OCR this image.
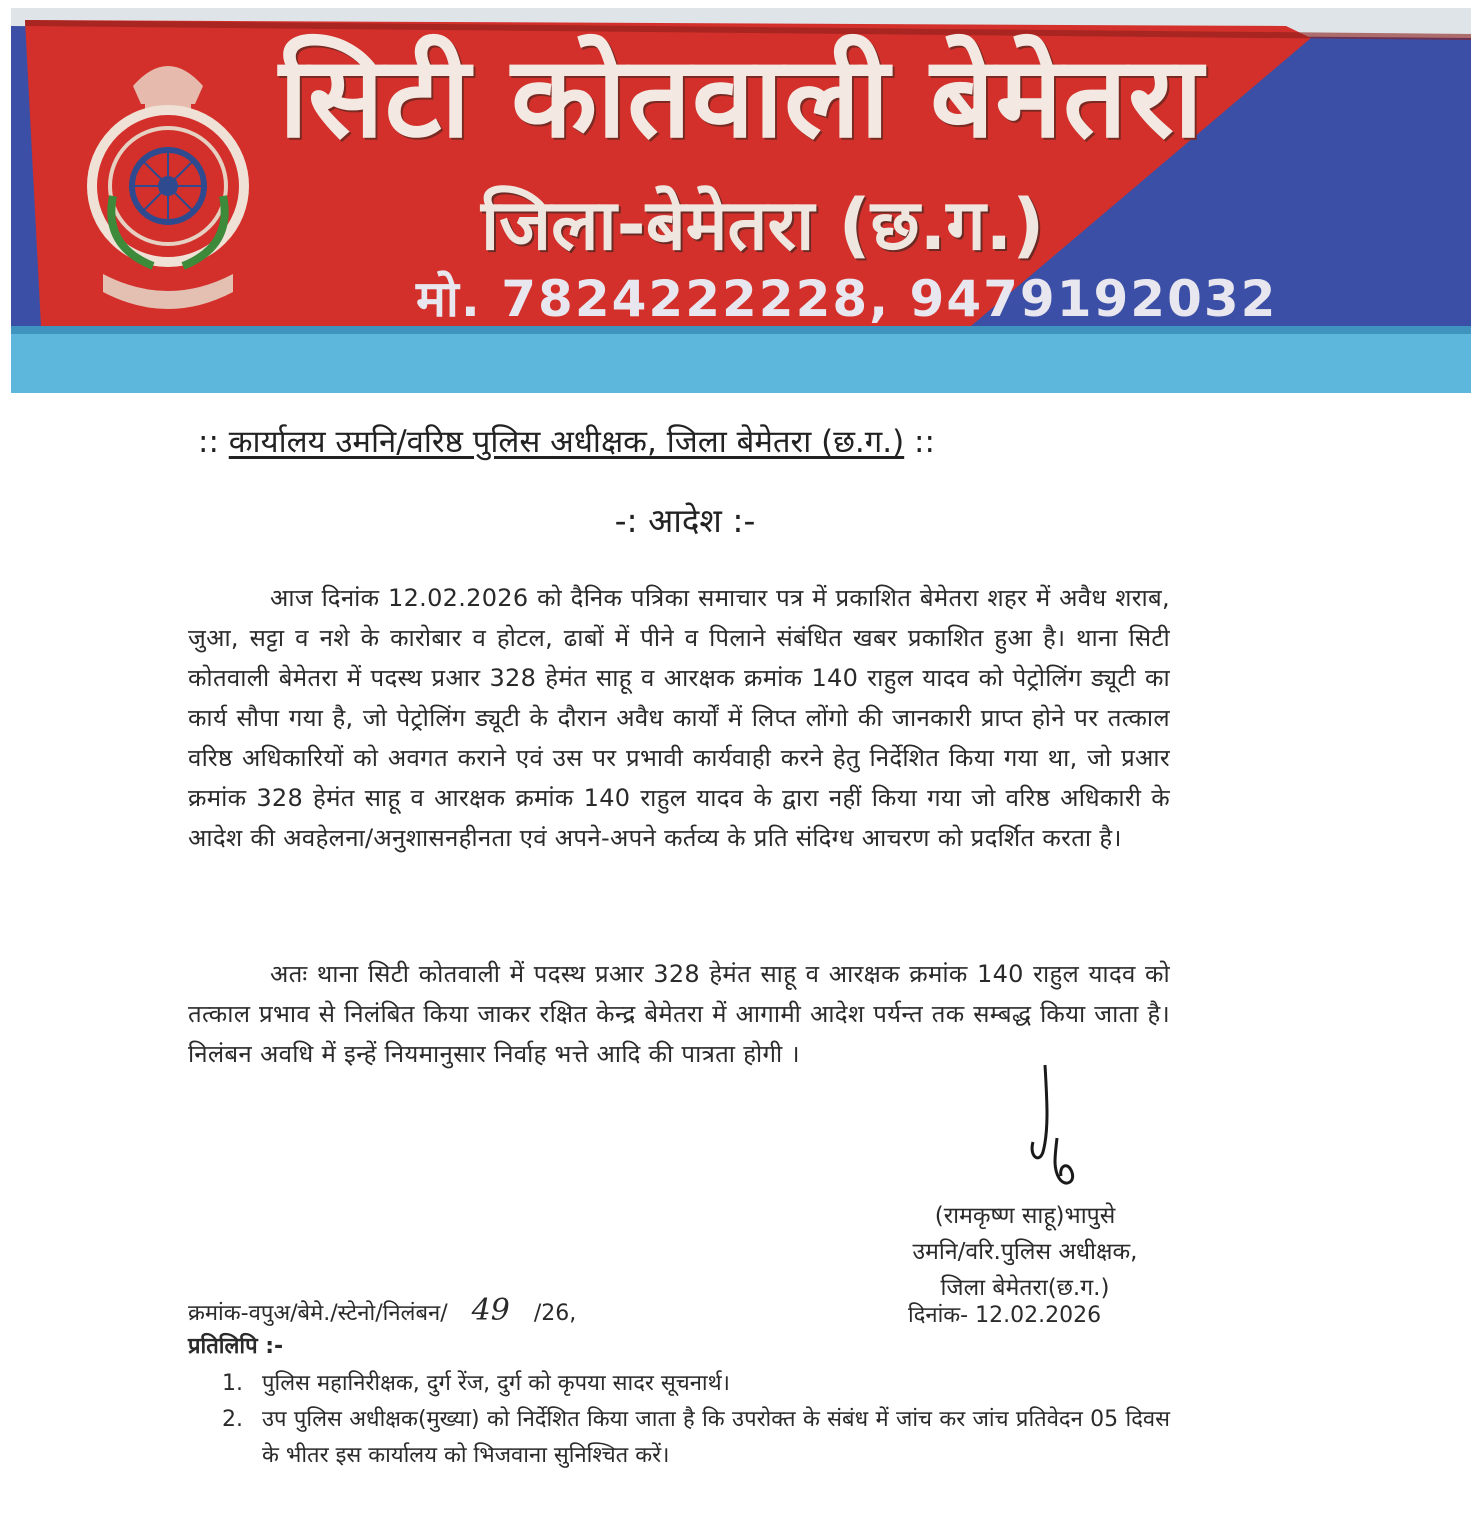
सिटी कोतवाली बेमेतरा
जिला-बेमेतरा (छ.ग.)
मो. 7824222228, 9479192032
:: कार्यालय उमनि/वरिष्ठ पुलिस अधीक्षक, जिला बेमेतरा (छ.ग.) ::
-: आदेश :-

आज दिनांक 12.02.2026 को दैनिक पत्रिका समाचार पत्र में प्रकाशित बेमेतरा शहर में अवैध शराब, जुआ, सट्टा व नशे के कारोबार व होटल, ढाबों में पीने व पिलाने संबंधित खबर प्रकाशित हुआ है। थाना सिटी कोतवाली बेमेतरा में पदस्थ प्रआर 328 हेमंत साहू व आरक्षक क्रमांक 140 राहुल यादव को पेट्रोलिंग ड्यूटी का कार्य सौपा गया है, जो पेट्रोलिंग ड्यूटी के दौरान अवैध कार्यों में लिप्त लोंगो की जानकारी प्राप्त होने पर तत्काल वरिष्ठ अधिकारियों को अवगत कराने एवं उस पर प्रभावी कार्यवाही करने हेतु निर्देशित किया गया था, जो प्रआर क्रमांक 328 हेमंत साहू व आरक्षक क्रमांक 140 राहुल यादव के द्वारा नहीं किया गया जो वरिष्ठ अधिकारी के आदेश की अवहेलना/अनुशासनहीनता एवं अपने-अपने कर्तव्य के प्रति संदिग्ध आचरण को प्रदर्शित करता है।

अतः थाना सिटी कोतवाली में पदस्थ प्रआर 328 हेमंत साहू व आरक्षक क्रमांक 140 राहुल यादव को तत्काल प्रभाव से निलंबित किया जाकर रक्षित केन्द्र बेमेतरा में आगामी आदेश पर्यन्त तक सम्बद्ध किया जाता है। निलंबन अवधि में इन्हें नियमानुसार निर्वाह भत्ते आदि की पात्रता होगी ।

(रामकृष्ण साहू)भापुसे
उमनि/वरि.पुलिस अधीक्षक,
जिला बेमेतरा(छ.ग.)
क्रमांक-वपुअ/बेमे./स्टेनो/निलंबन/ 49 /26,	दिनांक- 12.02.2026
प्रतिलिपि :-
1. पुलिस महानिरीक्षक, दुर्ग रेंज, दुर्ग को कृपया सादर सूचनार्थ।
2. उप पुलिस अधीक्षक(मुख्या) को निर्देशित किया जाता है कि उपरोक्त के संबंध में जांच कर जांच प्रतिवेदन 05 दिवस के भीतर इस कार्यालय को भिजवाना सुनिश्चित करें।
